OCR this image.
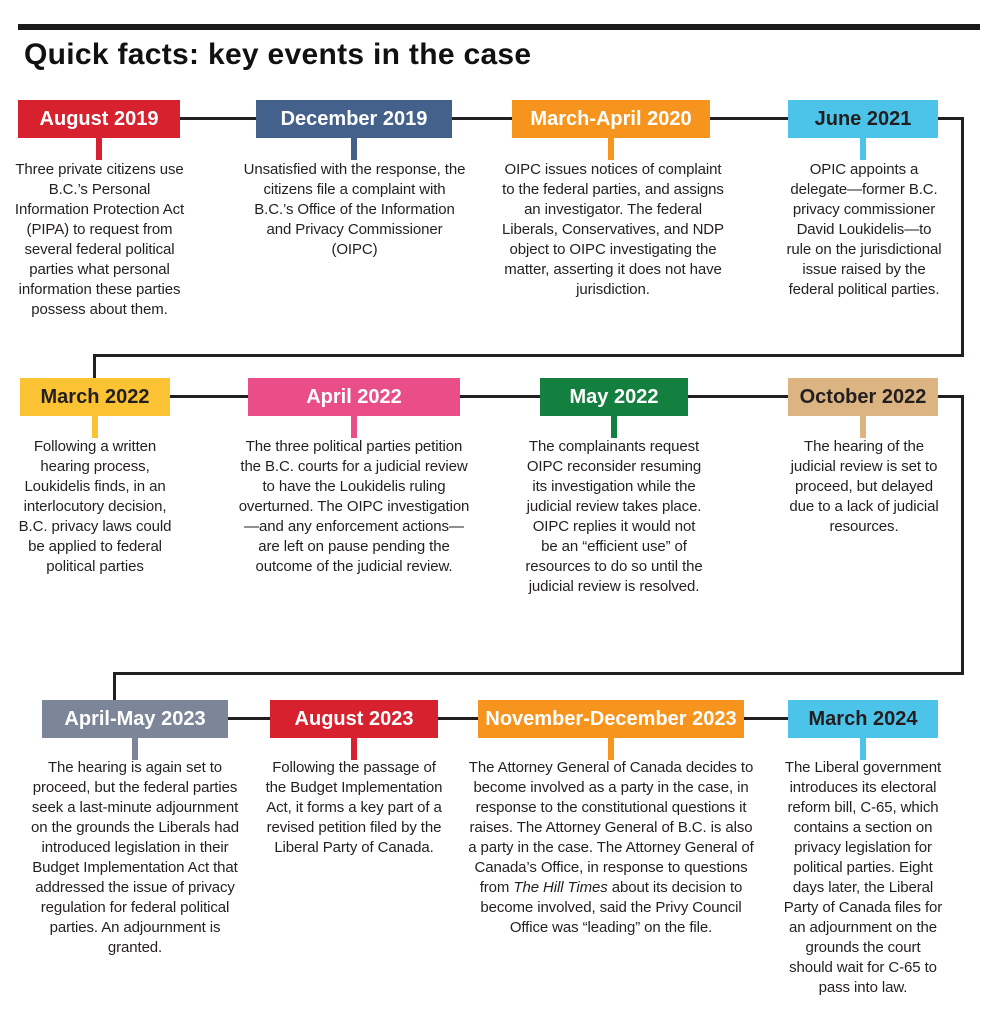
Quick facts: key events in the case
August 2019
Three private citizens use B.C.’s Personal Information Protection Act (PIPA) to request from several federal political parties what personal information these parties possess about them.
December 2019
Unsatisfied with the response, the citizens file a complaint with B.C.’s Office of the Information and Privacy Commissioner (OIPC)
March-April 2020
OIPC issues notices of complaint to the federal parties, and assigns an investigator. The federal Liberals, Conservatives, and NDP object to OIPC investigating the matter, asserting it does not have jurisdiction.
June 2021
OPIC appoints a delegate—former B.C. privacy commissioner David Loukidelis—to rule on the jurisdictional issue raised by the federal political parties.
March 2022
Following a written hearing process, Loukidelis finds, in an interlocutory decision, B.C. privacy laws could be applied to federal political parties
April 2022
The three political parties petition the B.C. courts for a judicial review to have the Loukidelis ruling overturned. The OIPC investigation—and any enforcement actions—are left on pause pending the outcome of the judicial review.
May 2022
The complainants request OIPC reconsider resuming its investigation while the judicial review takes place. OIPC replies it would not be an “efficient use” of resources to do so until the judicial review is resolved.
October 2022
The hearing of the judicial review is set to proceed, but delayed due to a lack of judicial resources.
April-May 2023
The hearing is again set to proceed, but the federal parties seek a last-minute adjournment on the grounds the Liberals had introduced legislation in their Budget Implementation Act that addressed the issue of privacy regulation for federal political parties. An adjournment is granted.
August 2023
Following the passage of the Budget Implementation Act, it forms a key part of a revised petition filed by the Liberal Party of Canada.
November-December 2023
The Attorney General of Canada decides to become involved as a party in the case, in response to the constitutional questions it raises. The Attorney General of B.C. is also a party in the case. The Attorney General of Canada’s Office, in response to questions from The Hill Times about its decision to become involved, said the Privy Council Office was “leading” on the file.
March 2024
The Liberal government introduces its electoral reform bill, C-65, which contains a section on privacy legislation for political parties. Eight days later, the Liberal Party of Canada files for an adjournment on the grounds the court should wait for C-65 to pass into law.
